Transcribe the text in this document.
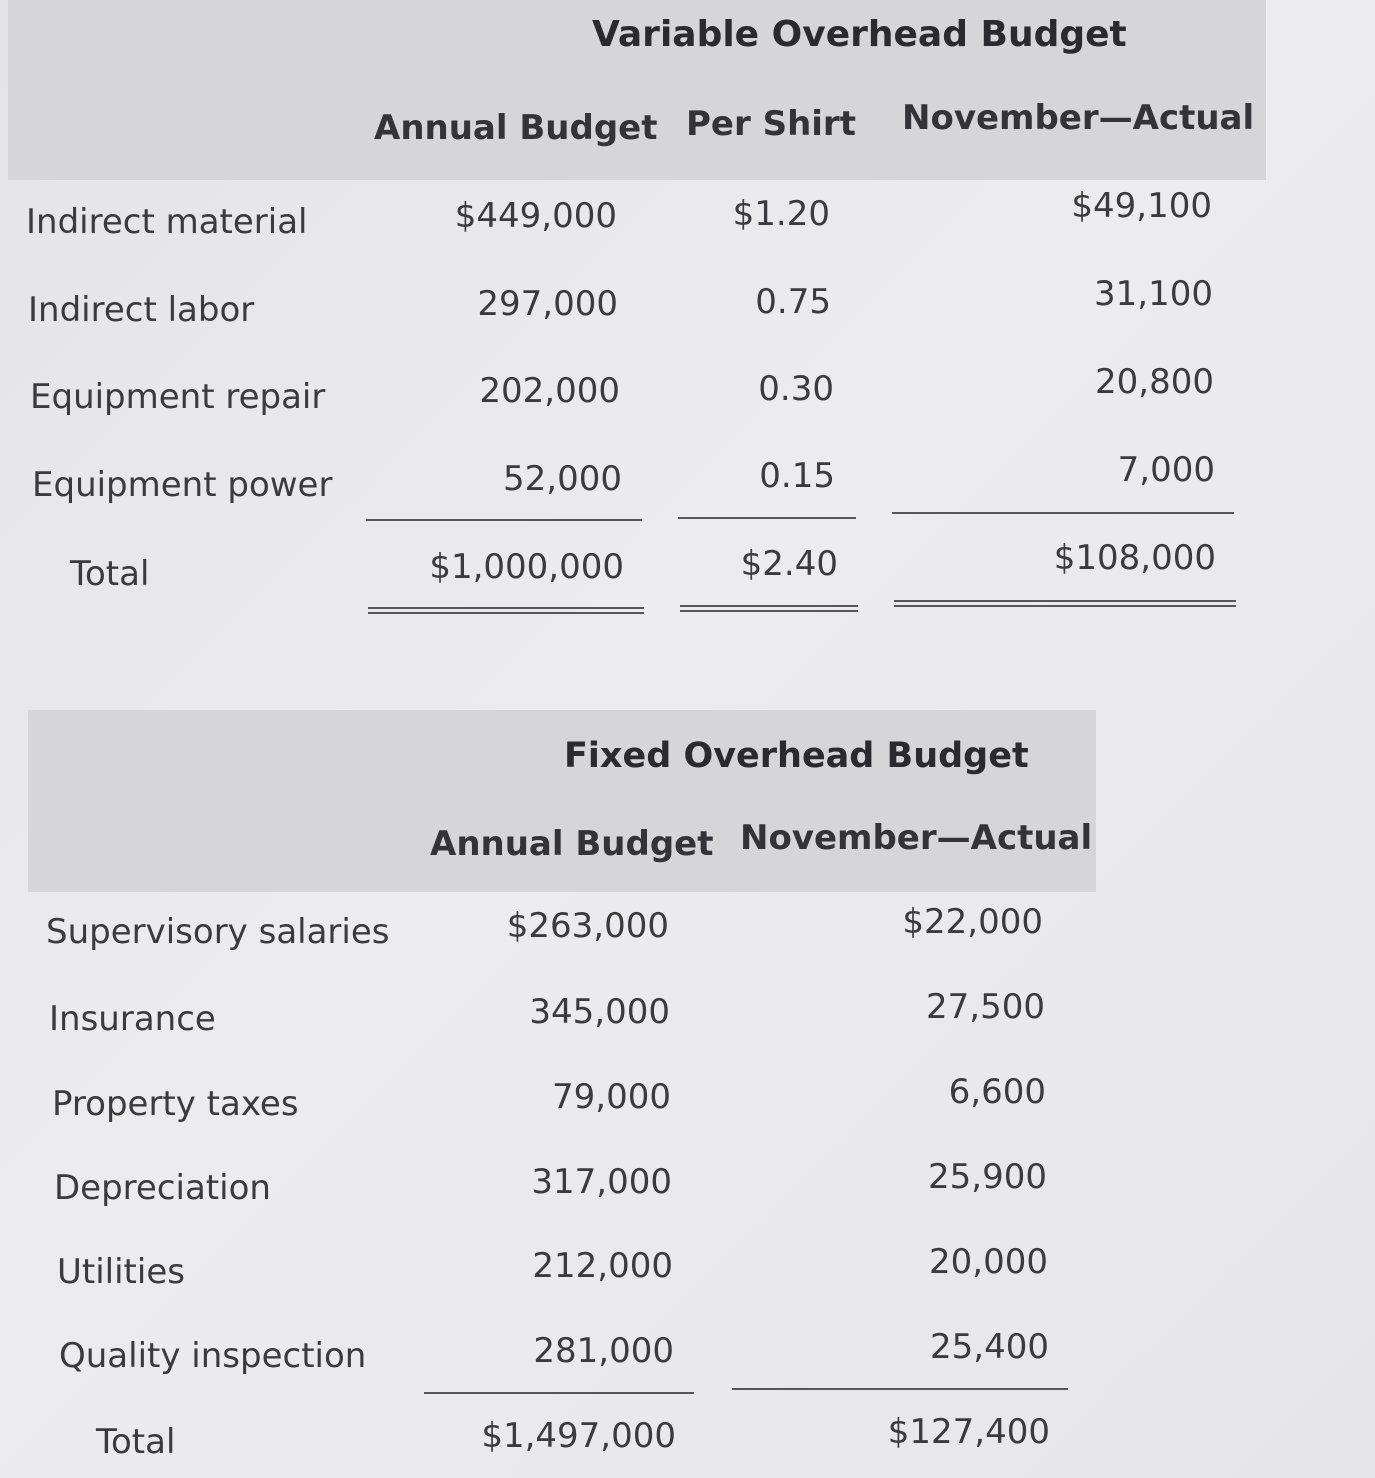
Variable Overhead Budget
Annual Budget Per Shirt November—Actual
Indirect material	$449,000	$1.20	$49,100
Indirect labor	297,000	0.75	31,100
Equipment repair	202,000	0.30	20,800
Equipment power	52,000	0.15	7,000
Total	$1,000,000	$2.40	$108,000
Fixed Overhead Budget
Annual Budget November—Actual
Supervisory salaries	$263,000	$22,000
Insurance	345,000	27,500
Property taxes	79,000	6,600
Depreciation	317,000	25,900
Utilities	212,000	20,000
Quality inspection	281,000	25,400
Total	$1,497,000	$127,400
